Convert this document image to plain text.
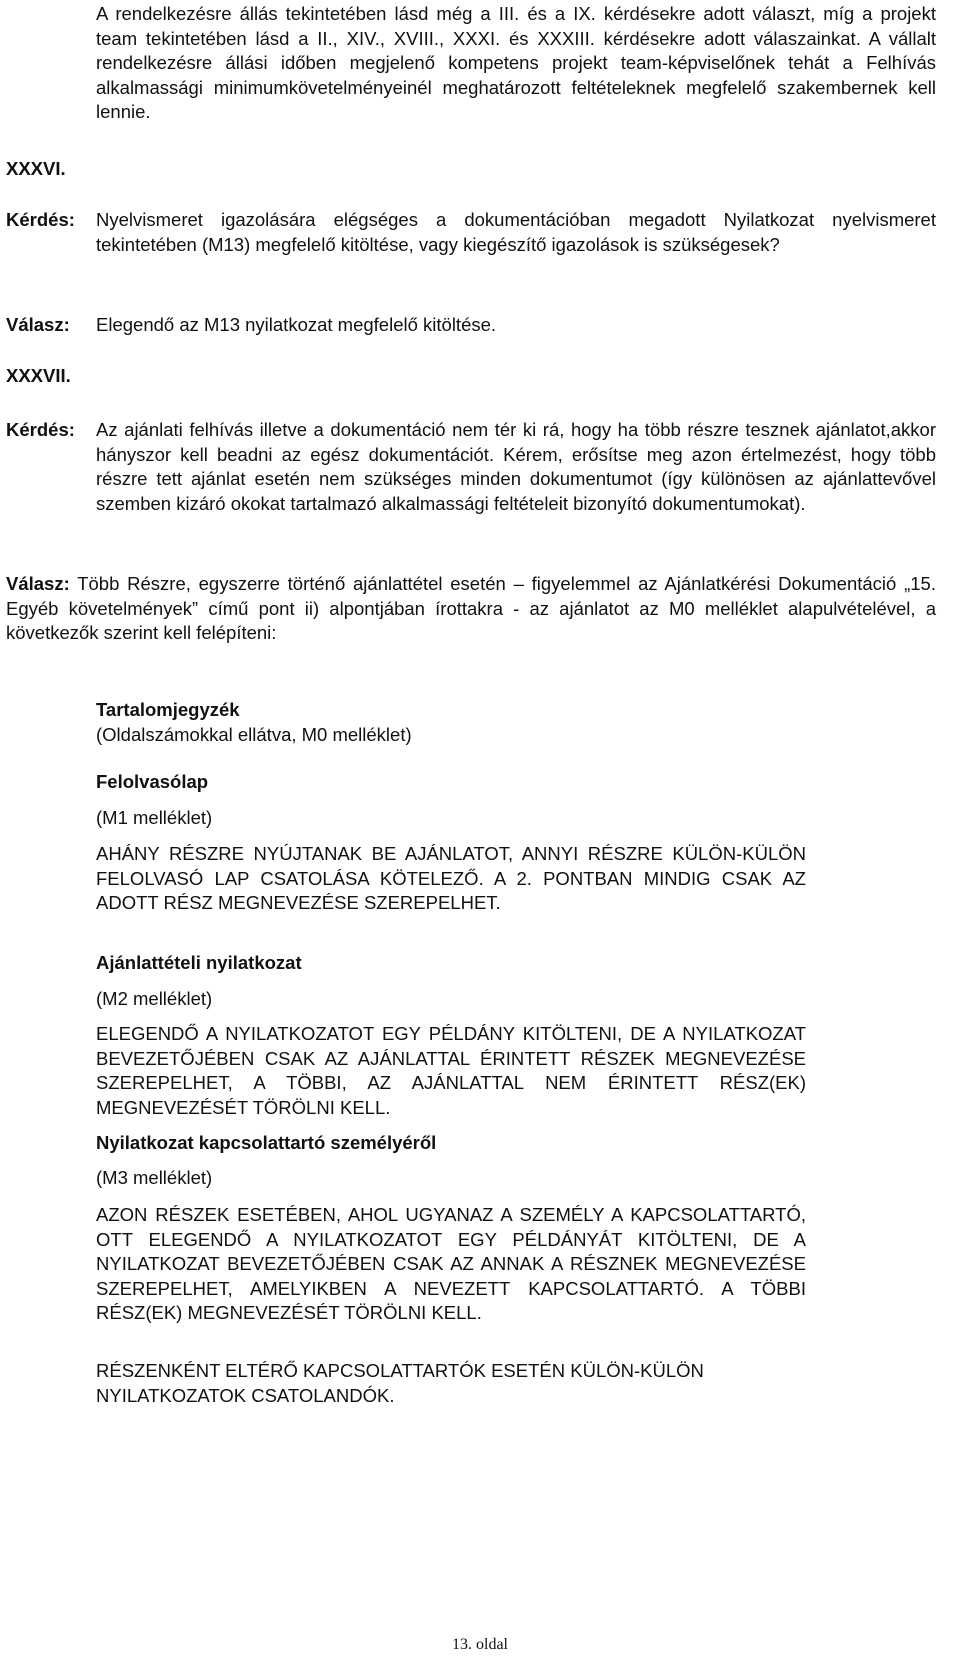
A rendelkezésre állás tekintetében lásd még a III. és a IX. kérdésekre adott választ, míg a projekt team tekintetében lásd a II., XIV., XVIII., XXXI. és XXXIII. kérdésekre adott válaszainkat. A vállalt rendelkezésre állási időben megjelenő kompetens projekt team-képviselőnek tehát a Felhívás alkalmassági minimumkövetelményeinél meghatározott feltételeknek megfelelő szakembernek kell lennie.
XXXVI.
Kérdés:	Nyelvismeret igazolására elégséges a dokumentációban megadott Nyilatkozat nyelvismeret tekintetében (M13) megfelelő kitöltése, vagy kiegészítő igazolások is szükségesek?
Válasz:	Elegendő az M13 nyilatkozat megfelelő kitöltése.
XXXVII.
Kérdés:	Az ajánlati felhívás illetve a dokumentáció nem tér ki rá, hogy ha több részre tesznek ajánlatot,akkor hányszor kell beadni az egész dokumentációt. Kérem, erősítse meg azon értelmezést, hogy több részre tett ajánlat esetén nem szükséges minden dokumentumot (így különösen az ajánlattevővel szemben kizáró okokat tartalmazó alkalmassági feltételeit bizonyító dokumentumokat).
Válasz: Több Részre, egyszerre történő ajánlattétel esetén – figyelemmel az Ajánlatkérési Dokumentáció „15. Egyéb követelmények” című pont ii) alpontjában írottakra - az ajánlatot az M0 melléklet alapulvételével, a következők szerint kell felépíteni:
Tartalomjegyzék
(Oldalszámokkal ellátva, M0 melléklet)
Felolvasólap
(M1 melléklet)
AHÁNY RÉSZRE NYÚJTANAK BE AJÁNLATOT, ANNYI RÉSZRE KÜLÖN-KÜLÖN FELOLVASÓ LAP CSATOLÁSA KÖTELEZŐ. A 2. PONTBAN MINDIG CSAK AZ ADOTT RÉSZ MEGNEVEZÉSE SZEREPELHET.
Ajánlattételi nyilatkozat
(M2 melléklet)
ELEGENDŐ A NYILATKOZATOT EGY PÉLDÁNY KITÖLTENI, DE A NYILATKOZAT BEVEZETŐJÉBEN CSAK AZ AJÁNLATTAL ÉRINTETT RÉSZEK MEGNEVEZÉSE SZEREPELHET, A TÖBBI, AZ AJÁNLATTAL NEM ÉRINTETT RÉSZ(EK) MEGNEVEZÉSÉT TÖRÖLNI KELL.
Nyilatkozat kapcsolattartó személyéről
(M3 melléklet)
AZON RÉSZEK ESETÉBEN, AHOL UGYANAZ A SZEMÉLY A KAPCSOLATTARTÓ, OTT ELEGENDŐ A NYILATKOZATOT EGY PÉLDÁNYÁT KITÖLTENI, DE A NYILATKOZAT BEVEZETŐJÉBEN CSAK AZ ANNAK A RÉSZNEK MEGNEVEZÉSE SZEREPELHET, AMELYIKBEN A NEVEZETT KAPCSOLATTARTÓ. A TÖBBI RÉSZ(EK) MEGNEVEZÉSÉT TÖRÖLNI KELL.
RÉSZENKÉNT ELTÉRŐ KAPCSOLATTARTÓK ESETÉN KÜLÖN-KÜLÖN NYILATKOZATOK CSATOLANDÓK.
13. oldal
